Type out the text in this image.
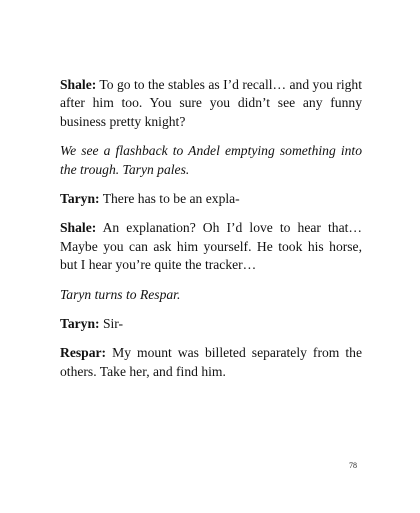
Shale: To go to the stables as I’d recall… and you right after him too. You sure you didn’t see any funny business pretty knight?

We see a flashback to Andel emptying something into the trough. Taryn pales.

Taryn: There has to be an expla-

Shale: An explanation? Oh I’d love to hear that… Maybe you can ask him yourself. He took his horse, but I hear you’re quite the tracker…

Taryn turns to Respar.

Taryn: Sir-

Respar: My mount was billeted separately from the others. Take her, and find him.

78
